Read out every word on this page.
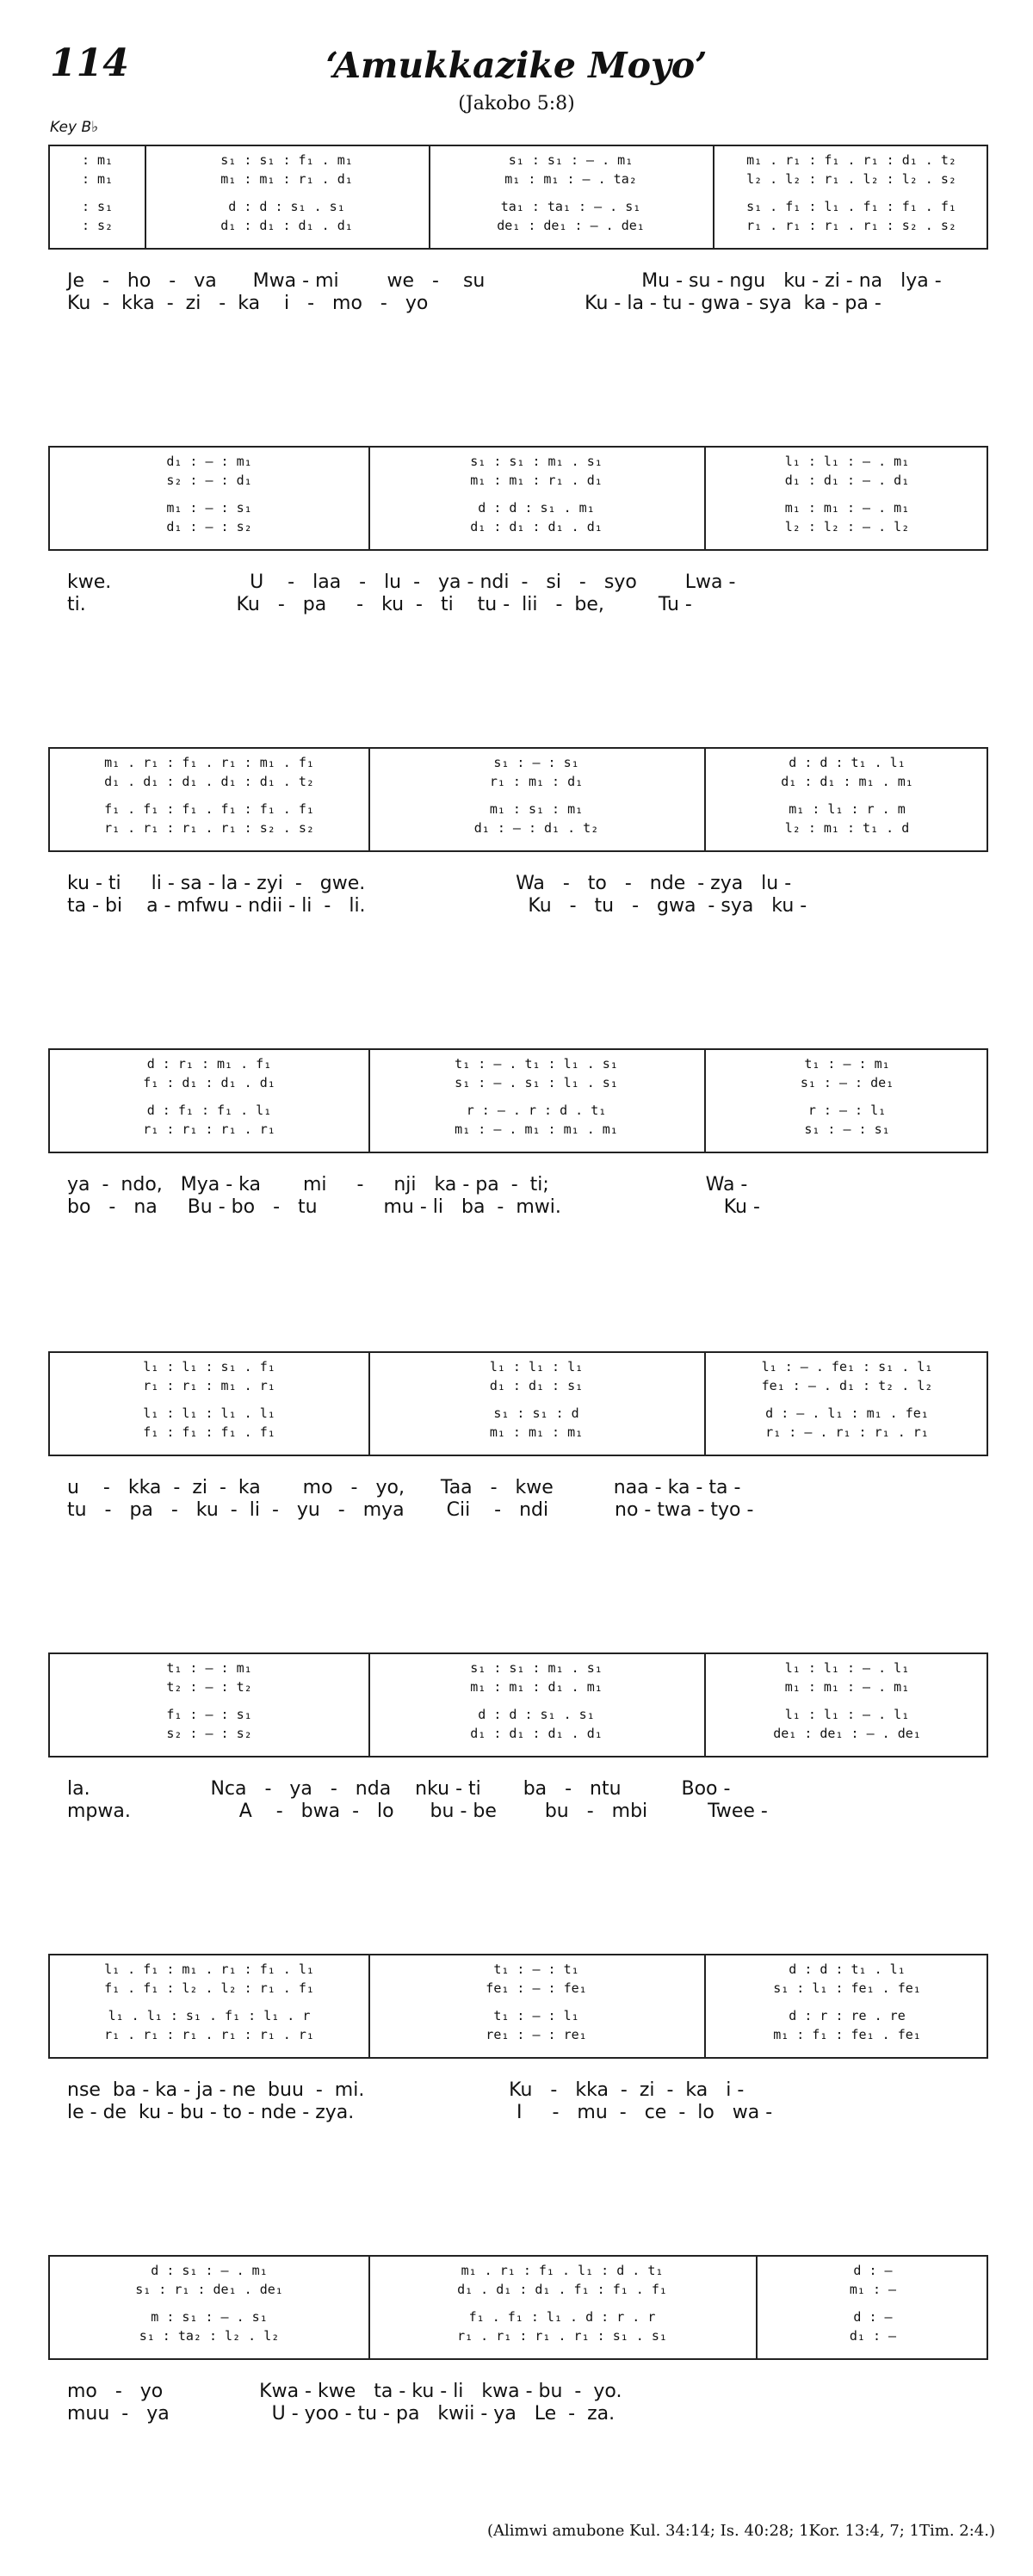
114	‘Amukkazike Moyo’
(Jakobo 5:8)
Key B♭
: m₁	s₁ : s₁ : f₁ . m₁	s₁ : s₁ : – . m₁	m₁ . r₁ : f₁ . r₁ : d₁ . t₂
: m₁	m₁ : m₁ : r₁ . d₁	m₁ : m₁ : – . ta₂	l₂ . l₂ : r₁ . l₂ : l₂ . s₂
: s₁	d : d : s₁ . s₁	ta₁ : ta₁ : – . s₁	s₁ . f₁ : l₁ . f₁ : f₁ . f₁
: s₂	d₁ : d₁ : d₁ . d₁	de₁ : de₁ : – . de₁	r₁ . r₁ : r₁ . r₁ : s₂ . s₂
Je   -   ho   -   va      Mwa - mi        we   -    su                          Mu - su - ngu   ku - zi - na   lya -
Ku  -  kka  -  zi   -  ka    i   -   mo   -   yo                          Ku - la - tu - gwa - sya  ka - pa -
d₁ : — : m₁	s₁ : s₁ : m₁ . s₁	l₁ : l₁ : – . m₁
s₂ : — : d₁	m₁ : m₁ : r₁ . d₁	d₁ : d₁ : – . d₁
m₁ : — : s₁	d : d : s₁ . m₁	m₁ : m₁ : – . m₁
d₁ : — : s₂	d₁ : d₁ : d₁ . d₁	l₂ : l₂ : – . l₂
kwe.                       U    -   laa   -   lu  -   ya - ndi  -   si   -   syo        Lwa -
ti.                         Ku   -   pa     -   ku  -   ti    tu -  lii   -  be,         Tu -
m₁ . r₁ : f₁ . r₁ : m₁ . f₁	s₁ : — : s₁	d : d : t₁ . l₁
d₁ . d₁ : d₁ . d₁ : d₁ . t₂	r₁ : m₁ : d₁	d₁ : d₁ : m₁ . m₁
f₁ . f₁ : f₁ . f₁ : f₁ . f₁	m₁ : s₁ : m₁	m₁ : l₁ : r . m
r₁ . r₁ : r₁ . r₁ : s₂ . s₂	d₁ : — : d₁ . t₂	l₂ : m₁ : t₁ . d
ku - ti     li - sa - la - zyi  -   gwe.                         Wa   -   to   -   nde  - zya   lu -
ta - bi    a - mfwu - ndii - li  -   li.                           Ku   -   tu   -   gwa  - sya   ku -
d : r₁ : m₁ . f₁	t₁ : – . t₁ : l₁ . s₁	t₁ : — : m₁
f₁ : d₁ : d₁ . d₁	s₁ : – . s₁ : l₁ . s₁	s₁ : — : de₁
d : f₁ : f₁ . l₁	r : – . r : d . t₁	r : — : l₁
r₁ : r₁ : r₁ . r₁	m₁ : – . m₁ : m₁ . m₁	s₁ : — : s₁
ya  -  ndo,   Mya - ka       mi     -     nji   ka - pa  -  ti;                          Wa -
bo   -   na     Bu - bo   -   tu           mu - li   ba  -  mwi.                           Ku -
l₁ : l₁ : s₁ . f₁	l₁ : l₁ : l₁	l₁ : – . fe₁ : s₁ . l₁
r₁ : r₁ : m₁ . r₁	d₁ : d₁ : s₁	fe₁ : – . d₁ : t₂ . l₂
l₁ : l₁ : l₁ . l₁	s₁ : s₁ : d	d : – . l₁ : m₁ . fe₁
f₁ : f₁ : f₁ . f₁	m₁ : m₁ : m₁	r₁ : – . r₁ : r₁ . r₁
u    -   kka  -  zi  -  ka       mo   -   yo,      Taa   -   kwe          naa - ka - ta -
tu   -   pa   -   ku  -  li  -   yu   -   mya       Cii    -   ndi           no - twa - tyo -
t₁ : — : m₁	s₁ : s₁ : m₁ . s₁	l₁ : l₁ : – . l₁
t₂ : — : t₂	m₁ : m₁ : d₁ . m₁	m₁ : m₁ : – . m₁
f₁ : — : s₁	d : d : s₁ . s₁	l₁ : l₁ : – . l₁
s₂ : — : s₂	d₁ : d₁ : d₁ . d₁	de₁ : de₁ : – . de₁
la.                    Nca   -   ya   -   nda    nku - ti       ba   -   ntu          Boo -
mpwa.                  A    -   bwa  -   lo      bu - be        bu   -   mbi          Twee -
l₁ . f₁ : m₁ . r₁ : f₁ . l₁	t₁ : — : t₁	d : d : t₁ . l₁
f₁ . f₁ : l₂ . l₂ : r₁ . f₁	fe₁ : — : fe₁	s₁ : l₁ : fe₁ . fe₁
l₁ . l₁ : s₁ . f₁ : l₁ . r	t₁ : — : l₁	d : r : re . re
r₁ . r₁ : r₁ . r₁ : r₁ . r₁	re₁ : — : re₁	m₁ : f₁ : fe₁ . fe₁
nse  ba - ka - ja - ne  buu  -  mi.                        Ku   -   kka  -  zi  -  ka   i -
le - de  ku - bu - to - nde - zya.                           I     -   mu  -   ce  -  lo   wa -
d : s₁ : – . m₁	m₁ . r₁ : f₁ . l₁ : d . t₁	d : —
s₁ : r₁ : de₁ . de₁	d₁ . d₁ : d₁ . f₁ : f₁ . f₁	m₁ : —
m : s₁ : – . s₁	f₁ . f₁ : l₁ . d : r . r	d : —
s₁ : ta₂ : l₂ . l₂	r₁ . r₁ : r₁ . r₁ : s₁ . s₁	d₁ : —
mo   -   yo                Kwa - kwe   ta - ku - li   kwa - bu  -  yo.
muu  -   ya                 U - yoo - tu - pa   kwii - ya   Le  -  za.
(Alimwi amubone Kul. 34:14; Is. 40:28; 1Kor. 13:4, 7; 1Tim. 2:4.)
